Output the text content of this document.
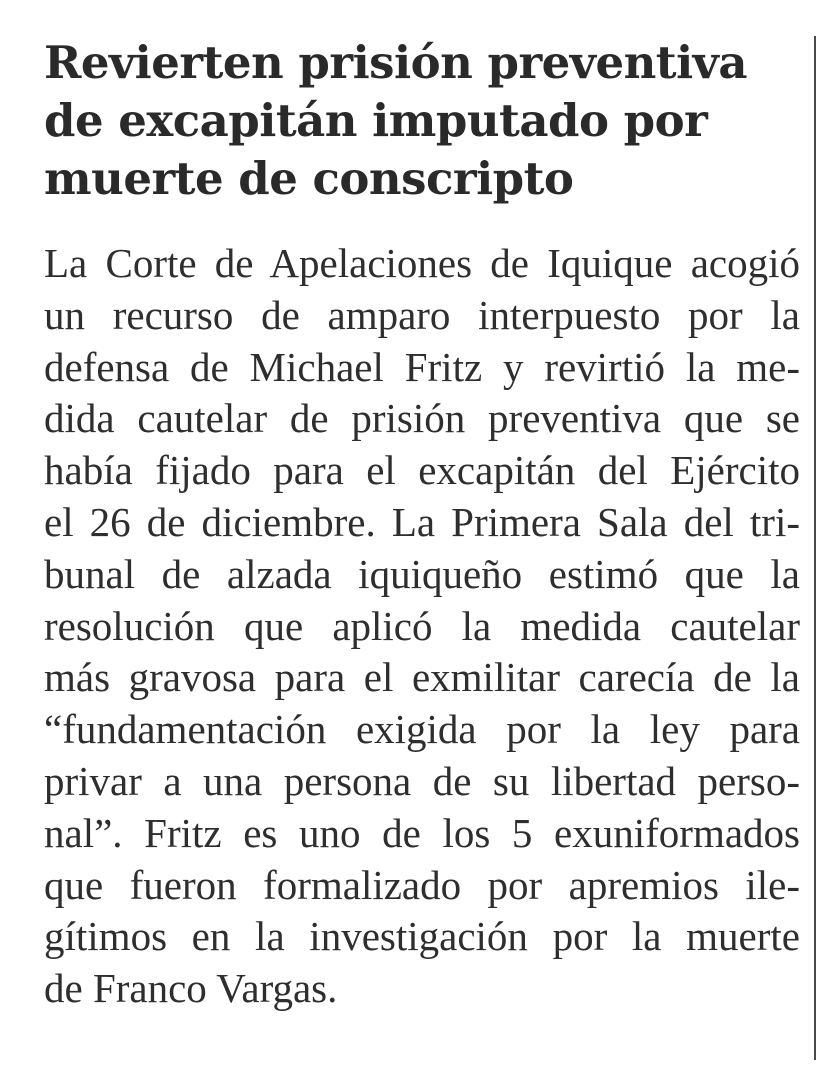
Revierten prisión preventiva
de excapitán imputado por
muerte de conscripto
La Corte de Apelaciones de Iquique acogió
un recurso de amparo interpuesto por la
defensa de Michael Fritz y revirtió la me-
dida cautelar de prisión preventiva que se
había fijado para el excapitán del Ejército
el 26 de diciembre. La Primera Sala del tri-
bunal de alzada iquiqueño estimó que la
resolución que aplicó la medida cautelar
más gravosa para el exmilitar carecía de la
“fundamentación exigida por la ley para
privar a una persona de su libertad perso-
nal”. Fritz es uno de los 5 exuniformados
que fueron formalizado por apremios ile-
gítimos en la investigación por la muerte
de Franco Vargas.
